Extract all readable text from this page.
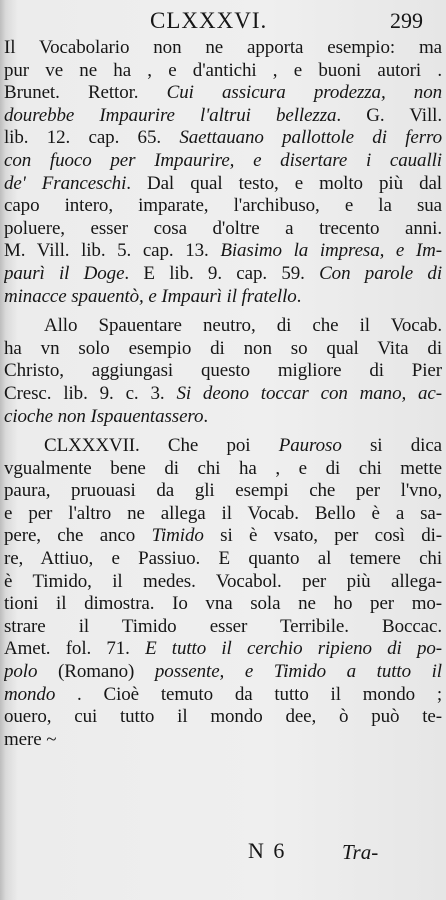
CLXXXVI.	299
Il Vocabolario non ne apporta esempio: ma
pur ve ne ha , e d'antichi , e buoni autori .
Brunet. Rettor. Cui assicura prodezza, non
dourebbe Impaurire l'altrui bellezza. G. Vill.
lib. 12. cap. 65. Saettauano pallottole di ferro
con fuoco per Impaurire, e disertare i caualli
de' Franceschi. Dal qual testo, e molto più dal
capo intero, imparate, l'archibuso, e la sua
poluere, esser cosa d'oltre a trecento anni.
M. Vill. lib. 5. cap. 13. Biasimo la impresa, e Im-
paurì il Doge. E lib. 9. cap. 59. Con parole di
minacce spauentò, e Impaurì il fratello.
Allo Spauentare neutro, di che il Vocab.
ha vn solo esempio di non so qual Vita di
Christo, aggiungasi questo migliore di Pier
Cresc. lib. 9. c. 3. Si deono toccar con mano, ac-
cioche non Ispauentassero.
CLXXXVII. Che poi Pauroso si dica
vgualmente bene di chi ha , e di chi mette
paura, pruouasi da gli esempi che per l'vno,
e per l'altro ne allega il Vocab. Bello è a sa-
pere, che anco Timido si è vsato, per così di-
re, Attiuo, e Passiuo. E quanto al temere chi
è Timido, il medes. Vocabol. per più allega-
tioni il dimostra. Io vna sola ne ho per mo-
strare il Timido esser Terribile. Boccac.
Amet. fol. 71. E tutto il cerchio ripieno di po-
polo (Romano) possente, e Timido a tutto il
mondo . Cioè temuto da tutto il mondo ;
ouero, cui tutto il mondo dee, ò può te-
mere ~
N 6	Tra-
